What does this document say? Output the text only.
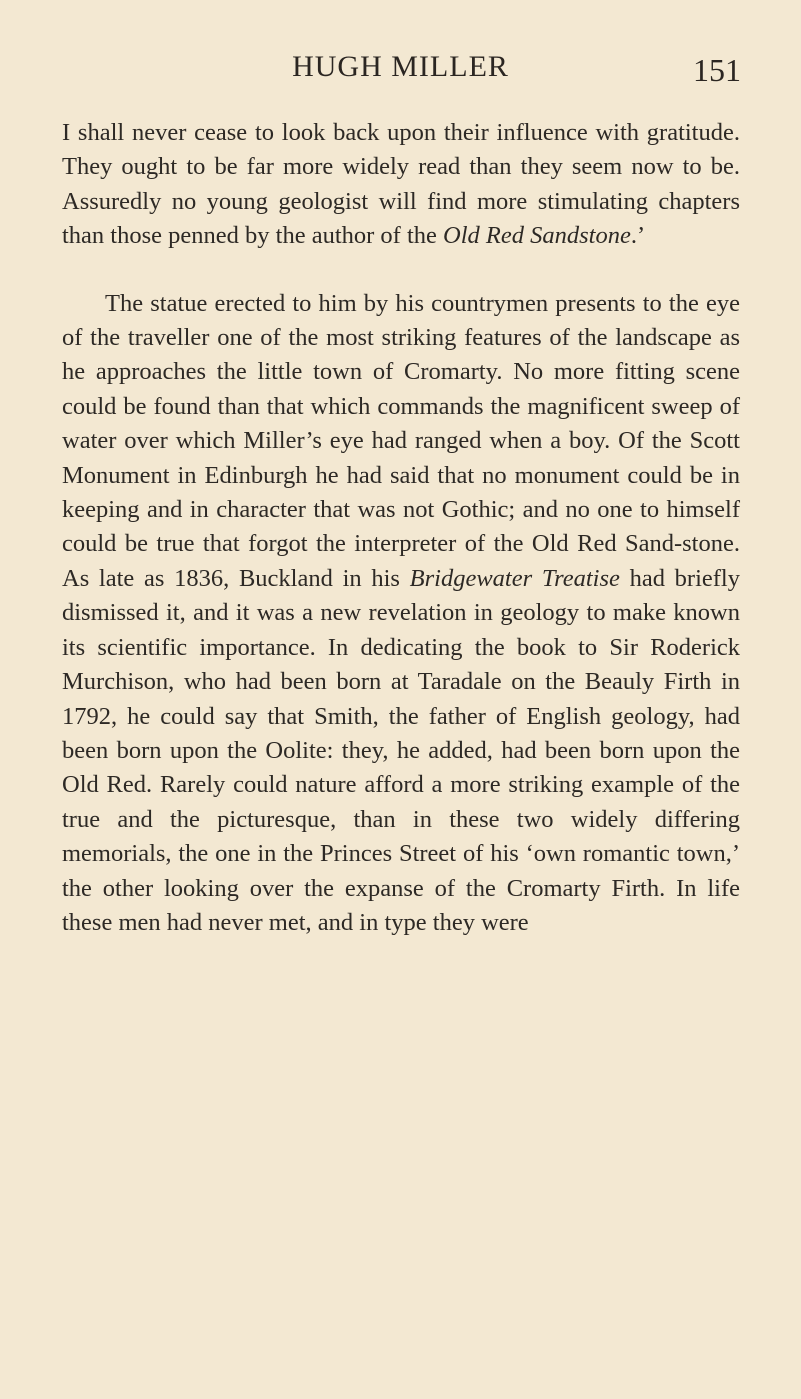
HUGH MILLER	151

I shall never cease to look back upon their influence with gratitude. They ought to be far more widely read than they seem now to be. Assuredly no young geologist will find more stimulating chapters than those penned by the author of the Old Red Sandstone.’

The statue erected to him by his countrymen presents to the eye of the traveller one of the most striking features of the landscape as he approaches the little town of Cromarty. No more fitting scene could be found than that which commands the magnificent sweep of water over which Miller’s eye had ranged when a boy. Of the Scott Monument in Edinburgh he had said that no monument could be in keeping and in character that was not Gothic; and no one to himself could be true that forgot the interpreter of the Old Red Sand-stone. As late as 1836, Buckland in his Bridgewater Treatise had briefly dismissed it, and it was a new revelation in geology to make known its scientific importance. In dedicating the book to Sir Roderick Murchison, who had been born at Taradale on the Beauly Firth in 1792, he could say that Smith, the father of English geology, had been born upon the Oolite: they, he added, had been born upon the Old Red. Rarely could nature afford a more striking example of the true and the picturesque, than in these two widely differing memorials, the one in the Princes Street of his ‘own romantic town,’ the other looking over the expanse of the Cromarty Firth. In life these men had never met, and in type they were
